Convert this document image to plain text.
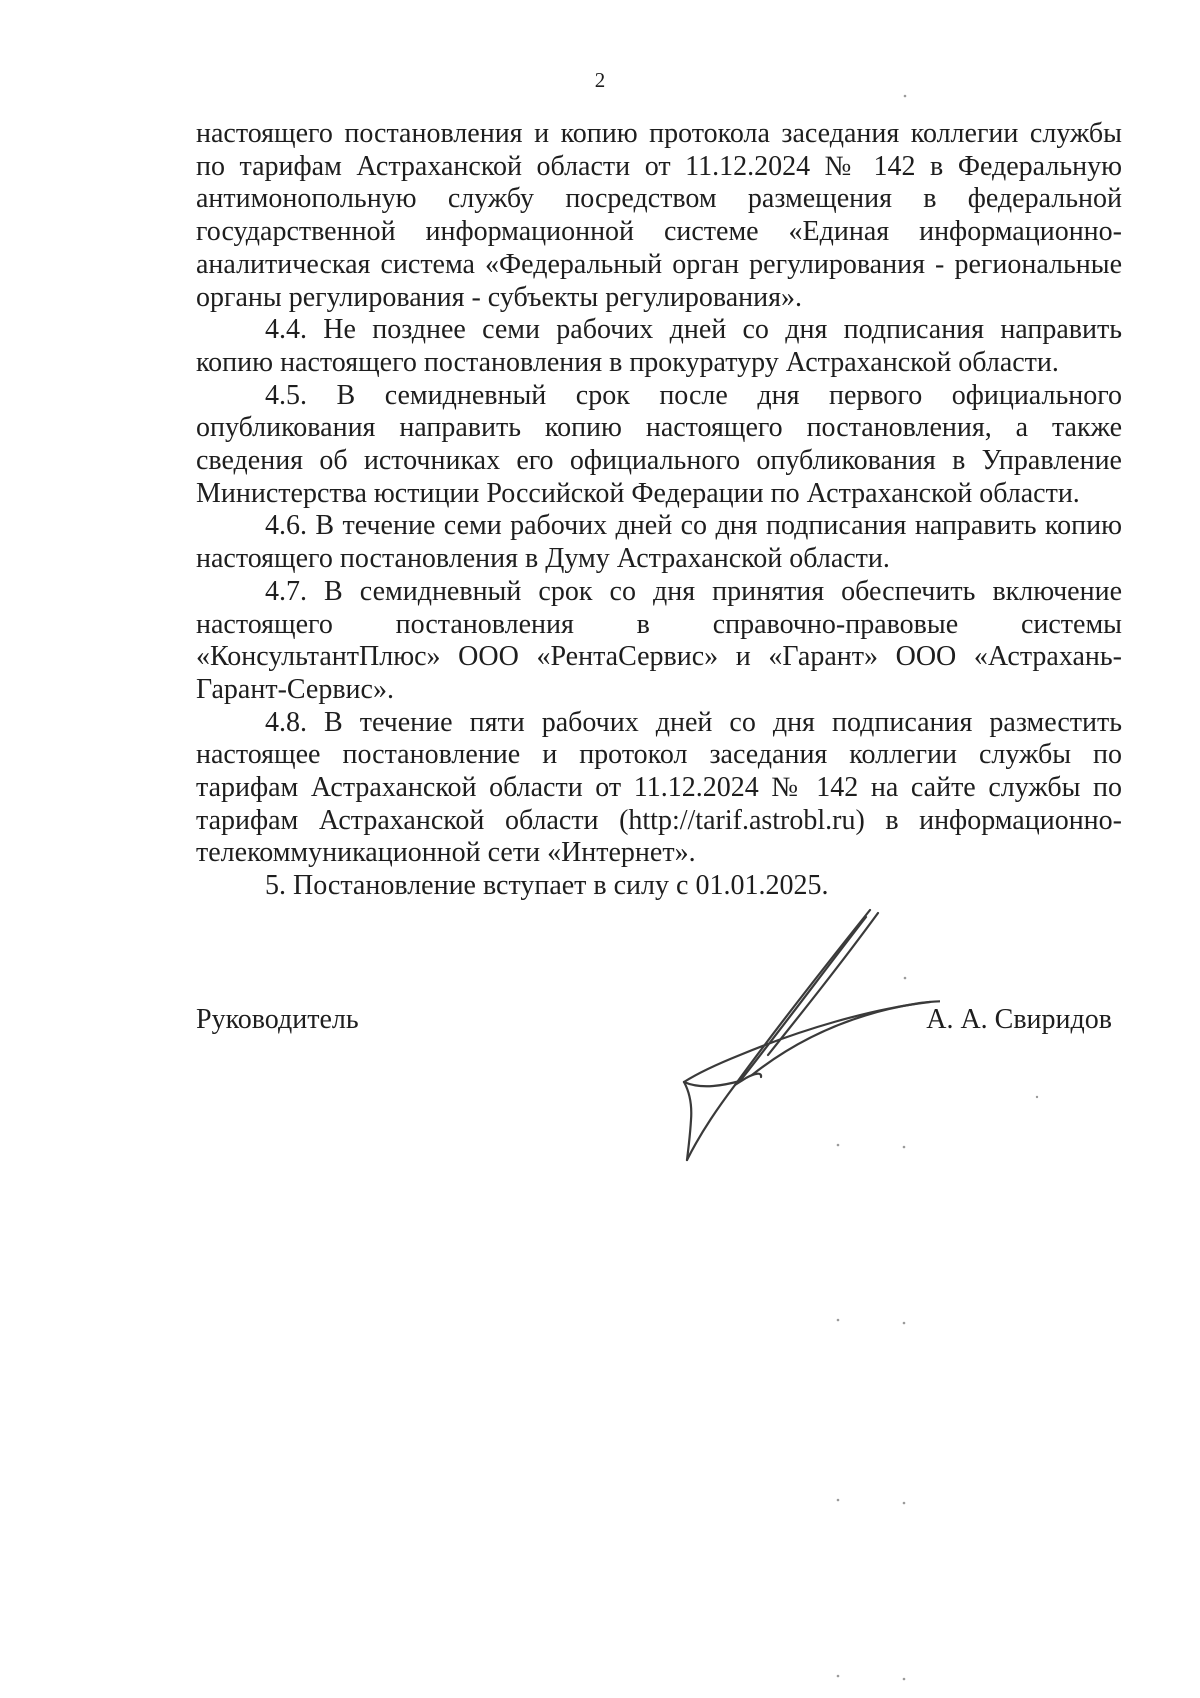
2

настоящего постановления и копию протокола заседания коллегии службы по тарифам Астраханской области от 11.12.2024 № 142 в Федеральную антимонопольную службу посредством размещения в федеральной государственной информационной системе «Единая информационно-аналитическая система «Федеральный орган регулирования - региональные органы регулирования - субъекты регулирования».

4.4. Не позднее семи рабочих дней со дня подписания направить копию настоящего постановления в прокуратуру Астраханской области.

4.5. В семидневный срок после дня первого официального опубликования направить копию настоящего постановления, а также сведения об источниках его официального опубликования в Управление Министерства юстиции Российской Федерации по Астраханской области.

4.6. В течение семи рабочих дней со дня подписания направить копию настоящего постановления в Думу Астраханской области.

4.7. В семидневный срок со дня принятия обеспечить включение настоящего постановления в справочно-правовые системы «КонсультантПлюс» ООО «РентаСервис» и «Гарант» ООО «Астрахань-Гарант-Сервис».

4.8. В течение пяти рабочих дней со дня подписания разместить настоящее постановление и протокол заседания коллегии службы по тарифам Астраханской области от 11.12.2024 № 142 на сайте службы по тарифам Астраханской области (http://tarif.astrobl.ru) в информационно-телекоммуникационной сети «Интернет».

5. Постановление вступает в силу с 01.01.2025.

Руководитель	А. А. Свиридов
